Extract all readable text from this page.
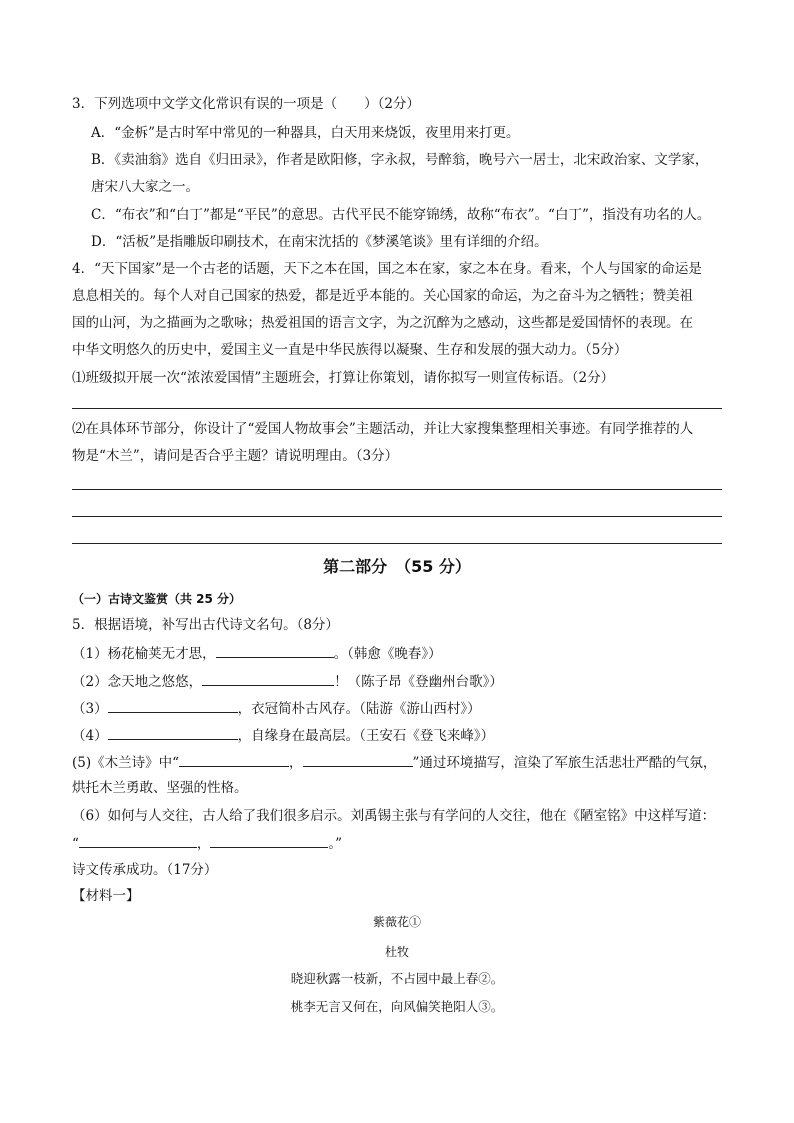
3．下列选项中文学文化常识有误的一项是（　　）（2分）
A．“金柝”是古时军中常见的一种器具，白天用来烧饭，夜里用来打更。
B．《卖油翁》选自《归田录》，作者是欧阳修，字永叔，号醉翁，晚号六一居士，北宋政治家、文学家，
唐宋八大家之一。
C．“布衣”和“白丁”都是“平民”的意思。古代平民不能穿锦绣，故称“布衣”。“白丁”，指没有功名的人。
D．“活板”是指雕版印刷技术，在南宋沈括的《梦溪笔谈》里有详细的介绍。
4．“天下国家”是一个古老的话题，天下之本在国，国之本在家，家之本在身。看来，个人与国家的命运是
息息相关的。每个人对自己国家的热爱，都是近乎本能的。关心国家的命运，为之奋斗为之牺牲；赞美祖
国的山河，为之描画为之歌咏；热爱祖国的语言文字，为之沉醉为之感动，这些都是爱国情怀的表现。在
中华文明悠久的历史中，爱国主义一直是中华民族得以凝聚、生存和发展的强大动力。（5分）
⑴班级拟开展一次“浓浓爱国情”主题班会，打算让你策划，请你拟写一则宣传标语。（2分）
⑵在具体环节部分，你设计了“爱国人物故事会”主题活动，并让大家搜集整理相关事迹。有同学推荐的人
物是“木兰”，请问是否合乎主题？请说明理由。（3分）
第二部分　（55 分）
（一）古诗文鉴赏（共 25 分）
5．根据语境，补写出古代诗文名句。（8分）
（1）杨花榆荚无才思，	。（韩愈《晚春》）
（2）念天地之悠悠，	！（陈子昂《登幽州台歌》）
（3）	，衣冠简朴古风存。（陆游《游山西村》）
（4）	，自缘身在最高层。（王安石《登飞来峰》）
(5)《木兰诗》中“	，	”通过环境描写，渲染了军旅生活悲壮严酷的气氛，
烘托木兰勇敢、坚强的性格。
（6）如何与人交往，古人给了我们很多启示。刘禹锡主张与有学问的人交往，他在《陋室铭》中这样写道：
“	，	。”
诗文传承成功。（17分）
【材料一】
紫薇花①
杜牧
晓迎秋露一枝新，不占园中最上春②。
桃李无言又何在，向风偏笑艳阳人③。
